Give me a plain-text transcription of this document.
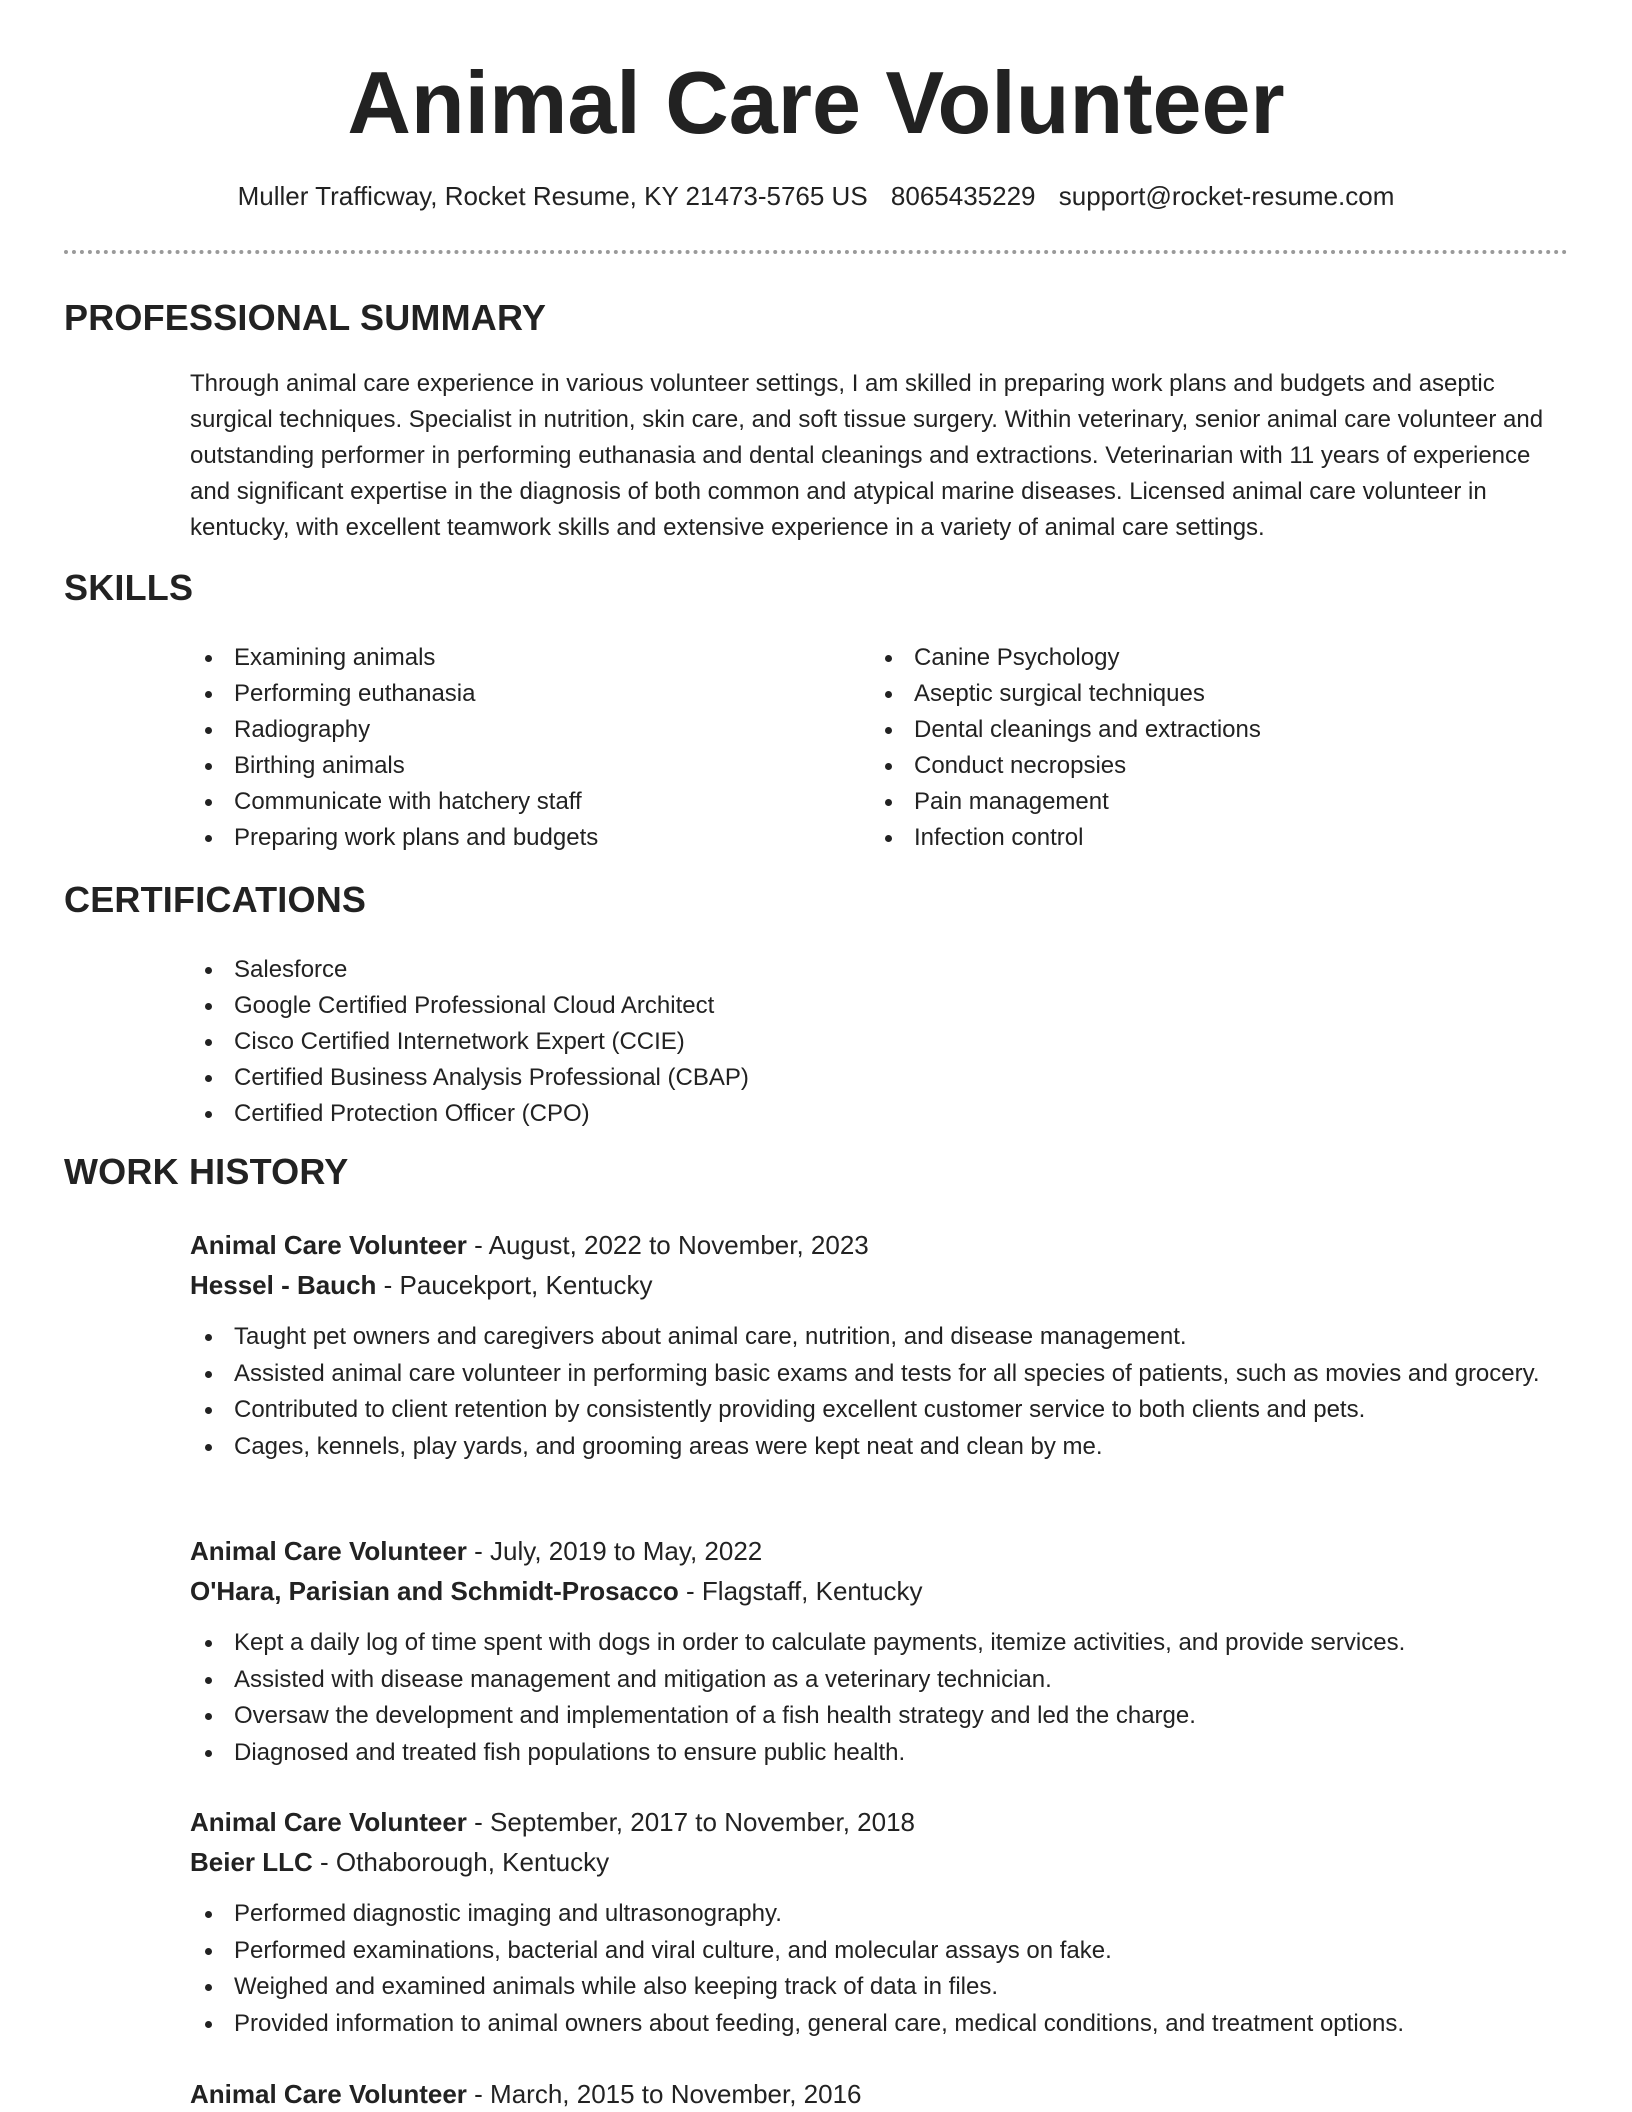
Animal Care Volunteer
Muller Trafficway, Rocket Resume, KY 21473-5765 US 8065435229 support@rocket-resume.com
PROFESSIONAL SUMMARY

Through animal care experience in various volunteer settings, I am skilled in preparing work plans and budgets and aseptic surgical techniques. Specialist in nutrition, skin care, and soft tissue surgery. Within veterinary, senior animal care volunteer and outstanding performer in performing euthanasia and dental cleanings and extractions. Veterinarian with 11 years of experience and significant expertise in the diagnosis of both common and atypical marine diseases. Licensed animal care volunteer in kentucky, with excellent teamwork skills and extensive experience in a variety of animal care settings.

SKILLS
Examining animals
Performing euthanasia
Radiography
Birthing animals
Communicate with hatchery staff
Preparing work plans and budgets
Canine Psychology
Aseptic surgical techniques
Dental cleanings and extractions
Conduct necropsies
Pain management
Infection control
CERTIFICATIONS
Salesforce
Google Certified Professional Cloud Architect
Cisco Certified Internetwork Expert (CCIE)
Certified Business Analysis Professional (CBAP)
Certified Protection Officer (CPO)
WORK HISTORY
Animal Care Volunteer - August, 2022 to November, 2023
Hessel - Bauch - Paucekport, Kentucky
Taught pet owners and caregivers about animal care, nutrition, and disease management.
Assisted animal care volunteer in performing basic exams and tests for all species of patients, such as movies and grocery.
Contributed to client retention by consistently providing excellent customer service to both clients and pets.
Cages, kennels, play yards, and grooming areas were kept neat and clean by me.
Animal Care Volunteer - July, 2019 to May, 2022
O'Hara, Parisian and Schmidt-Prosacco - Flagstaff, Kentucky
Kept a daily log of time spent with dogs in order to calculate payments, itemize activities, and provide services.
Assisted with disease management and mitigation as a veterinary technician.
Oversaw the development and implementation of a fish health strategy and led the charge.
Diagnosed and treated fish populations to ensure public health.
Animal Care Volunteer - September, 2017 to November, 2018
Beier LLC - Othaborough, Kentucky
Performed diagnostic imaging and ultrasonography.
Performed examinations, bacterial and viral culture, and molecular assays on fake.
Weighed and examined animals while also keeping track of data in files.
Provided information to animal owners about feeding, general care, medical conditions, and treatment options.
Animal Care Volunteer - March, 2015 to November, 2016
